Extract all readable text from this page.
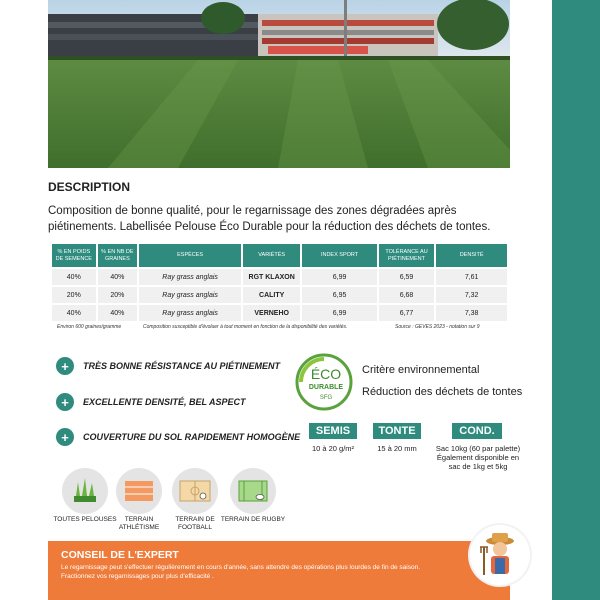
DESCRIPTION
Composition de bonne qualité, pour le regarnissage des zones dégradées après piétinements. Labellisée Pelouse Éco Durable pour la réduction des déchets de tontes.
% EN POIDS DE SEMENCE	% EN NB DE GRAINES	ESPÈCES	VARIÉTÉS	INDEX SPORT	TOLÉRANCE AU PIÉTINEMENT	DENSITÉ
40%	40%	Ray grass anglais	RGT KLAXON	6,99	6,59	7,61
20%	20%	Ray grass anglais	CALITY	6,95	6,68	7,32
40%	40%	Ray grass anglais	VERNEHO	6,99	6,77	7,38
Environ 600 graines/gramme	Composition susceptible d'évoluer à tout moment en fonction de la disponibilité des variétés.	Source : GEVES 2023 - notation sur 9
+	TRÈS BONNE RÉSISTANCE AU PIÉTINEMENT
+	EXCELLENTE DENSITÉ, BEL ASPECT
+	COUVERTURE DU SOL RAPIDEMENT HOMOGÈNE
ÉCO
DURABLE
SFG
Critère environnemental
Réduction des déchets de tontes
SEMIS	TONTE	COND.
10 à 20 g/m²	15 à 20 mm	Sac 10kg (60 par palette) Également disponible en sac de 1kg et 5kg
TOUTES PELOUSES	TERRAIN ATHLÉTISME
TERRAIN DE FOOTBALL
TERRAIN DE RUGBY
CONSEIL DE L'EXPERT
Le regarnissage peut s'effectuer régulièrement en cours d'année, sans attendre des opérations plus lourdes de fin de saison. Fractionnez vos regarnissages pour plus d'efficacité .
